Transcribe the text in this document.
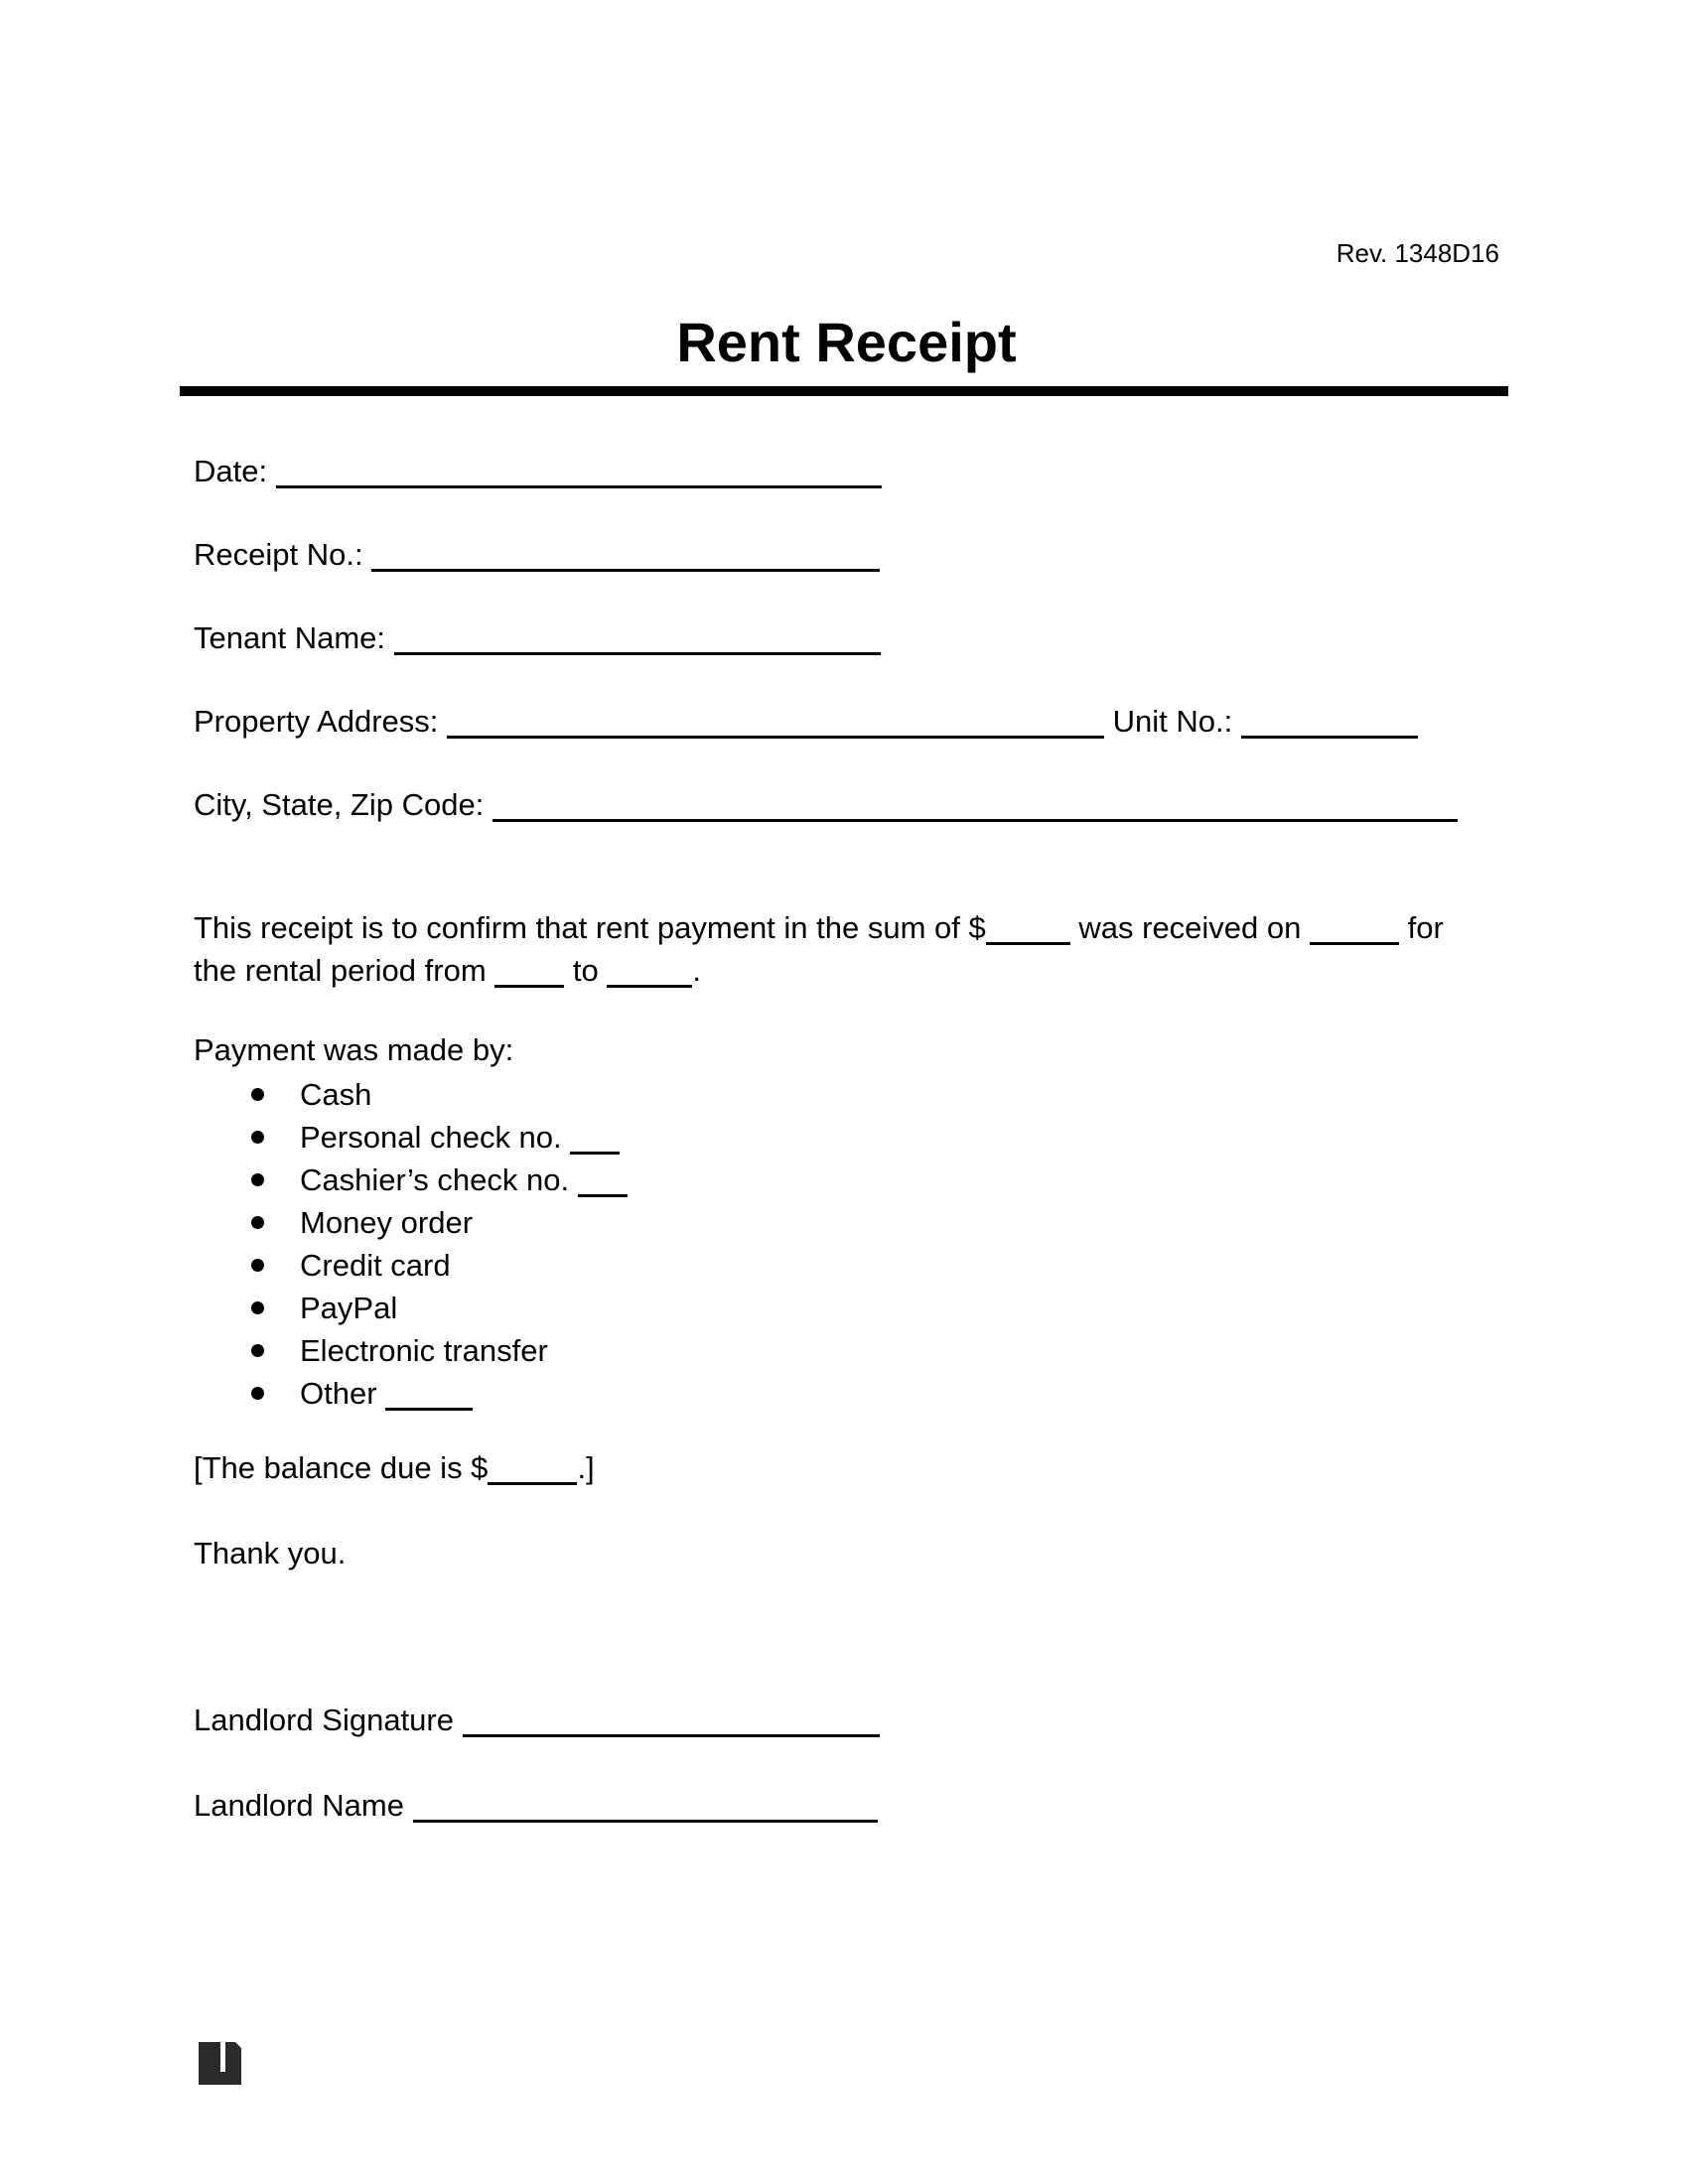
Rev. 1348D16
Rent Receipt

Date:

Receipt No.:

Tenant Name:

Property Address:	Unit No.:

City, State, Zip Code:

This receipt is to confirm that rent payment in the sum of $	was received on	for
the rental period from	to	.

Payment was made by:

Cash
Personal check no.
Cashier’s check no.
Money order
Credit card
PayPal
Electronic transfer
Other

[The balance due is $	.]

Thank you.

Landlord Signature

Landlord Name
